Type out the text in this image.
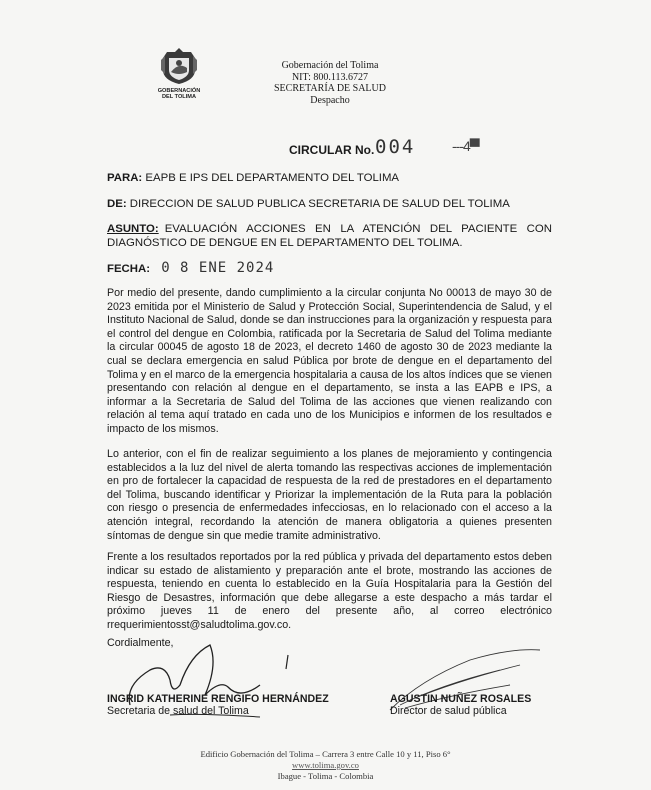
GOBERNACIÓN
DEL TOLIMA
Gobernación del Tolima
NIT: 800.113.6727
SECRETARÍA DE SALUD
Despacho
CIRCULAR No. 004	---4▀
PARA: EAPB E IPS DEL DEPARTAMENTO DEL TOLIMA
DE: DIRECCION DE SALUD PUBLICA SECRETARIA DE SALUD DEL TOLIMA
ASUNTO: EVALUACIÓN ACCIONES EN LA ATENCIÓN DEL PACIENTE CON
DIAGNÓSTICO DE DENGUE EN EL DEPARTAMENTO DEL TOLIMA.
FECHA: 0 8 ENE 2024
Por medio del presente, dando cumplimiento a la circular conjunta No 00013 de mayo 30 de 2023 emitida por el Ministerio de Salud y Protección Social, Superintendencia de Salud, y el Instituto Nacional de Salud, donde se dan instrucciones para la organización y respuesta para el control del dengue en Colombia, ratificada por la Secretaria de Salud del Tolima mediante la circular 00045 de agosto 18 de 2023, el decreto 1460 de agosto 30 de 2023 mediante la cual se declara emergencia en salud Pública por brote de dengue en el departamento del Tolima y en el marco de la emergencia hospitalaria a causa de los altos índices que se vienen presentando con relación al dengue en el departamento, se insta a las EAPB e IPS, a informar a la Secretaria de Salud del Tolima de las acciones que vienen realizando con relación al tema aquí tratado en cada uno de los Municipios e informen de los resultados e impacto de los mismos.
Lo anterior, con el fin de realizar seguimiento a los planes de mejoramiento y contingencia establecidos a la luz del nivel de alerta tomando las respectivas acciones de implementación en pro de fortalecer la capacidad de respuesta de la red de prestadores en el departamento del Tolima, buscando identificar y Priorizar la implementación de la Ruta para la población con riesgo o presencia de enfermedades infecciosas, en lo relacionado con el acceso a la atención integral, recordando la atención de manera obligatoria a quienes presenten síntomas de dengue sin que medie tramite administrativo.
Frente a los resultados reportados por la red pública y privada del departamento estos deben indicar su estado de alistamiento y preparación ante el brote, mostrando las acciones de respuesta, teniendo en cuenta lo establecido en la Guía Hospitalaria para la Gestión del Riesgo de Desastres, información que debe allegarse a este despacho a más tardar el próximo jueves 11 de enero del presente año, al correo electrónico rrequerimientosst@saludtolima.gov.co.
Cordialmente,
INGRID KATHERINE RENGIFO HERNÁNDEZ
Secretaria de salud del Tolima
AGUSTIN NUÑEZ ROSALES
Director de salud pública
Edificio Gobernación del Tolima – Carrera 3 entre Calle 10 y 11, Piso 6°
www.tolima.gov.co
Ibague - Tolima - Colombia
